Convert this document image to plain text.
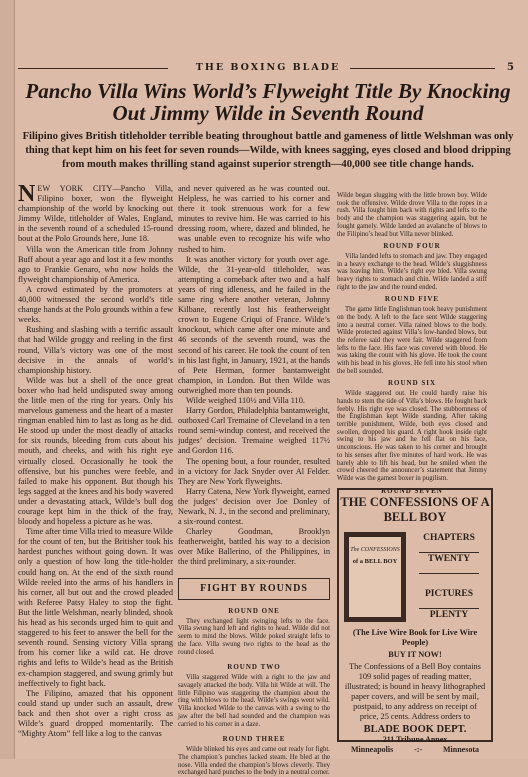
THE BOXING BLADE	5
Pancho Villa Wins World’s Flyweight Title By Knocking Out Jimmy Wilde in Seventh Round

Filipino gives British titleholder terrible beating throughout battle and gameness of little Welshman was only thing that kept him on his feet for seven rounds—Wilde, with knees sagging, eyes closed and blood dripping from mouth makes thrilling stand against superior strength—40,000 see title change hands.

NEW YORK CITY—Pancho Villa, Filipino boxer, won the flyweight championship of the world by knocking out Jimmy Wilde, titleholder of Wales, England, in the seventh round of a scheduled 15-round bout at the Polo Grounds here, June 18.

Villa won the American title from Johnny Buff about a year ago and lost it a few months ago to Frankie Genaro, who now holds the flyweight championship of America.

A crowd estimated by the promoters at 40,000 witnessed the second world’s title change hands at the Polo grounds within a few weeks.

Rushing and slashing with a terrific assault that had Wilde groggy and reeling in the first round, Villa’s victory was one of the most decisive in the annals of world’s championship history.

Wilde was but a shell of the once great boxer who had held undisputed sway among the little men of the ring for years. Only his marvelous gameness and the heart of a master ringman enabled him to last as long as he did. He stood up under the most deadly of attacks for six rounds, bleeding from cuts about his mouth, and cheeks, and with his right eye virtually closed. Occasionally he took the offensive, but his punches were feeble, and failed to make his opponent. But though his legs sagged at the knees and his body wavered under a devastating attack, Wilde’s bull dog courage kept him in the thick of the fray, bloody and hopeless a picture as he was.

Time after time Villa tried to measure Wilde for the count of ten, but the Britisher took his hardest punches without going down. It was only a question of how long the title-holder could hang on. At the end of the sixth round Wilde reeled into the arms of his handlers in his corner, all but out and the crowd pleaded with Referee Patsy Haley to stop the fight. But the little Welshman, nearly blinded, shook his head as his seconds urged him to quit and staggered to his feet to answer the bell for the seventh round. Sensing victory Villa sprang from his corner like a wild cat. He drove rights and lefts to Wilde’s head as the British ex-champion staggered, and swung grimly but ineffectively to fight back.

The Filipino, amazed that his opponent could stand up under such an assault, drew back and then shot over a right cross as Wilde’s guard dropped momentarily. The “Mighty Atom” fell like a log to the canvas

and never quivered as he was counted out. Helpless, he was carried to his corner and there it took strenuous work for a few minutes to revive him. He was carried to his dressing room, where, dazed and blinded, he was unable even to recognize his wife who rushed to him.

It was another victory for youth over age. Wilde, the 31-year-old titleholder, was attempting a comeback after two and a half years of ring idleness, and he failed in the same ring where another veteran, Johnny Kilbane, recently lost his featherweight crown to Eugene Criqui of France. Wilde’s knockout, which came after one minute and 46 seconds of the seventh round, was the second of his career. He took the count of ten in his last fight, in January, 1921, at the hands of Pete Herman, former bantamweight champion, in London. But then Wilde was outweighed more than ten pounds.

Wilde weighed 110½ and Villa 110.

Harry Gordon, Philadelphia bantamweight, outboxed Carl Tremaine of Cleveland in a ten round semi-windup contest, and received the judges’ decision. Tremaine weighed 117½ and Gordon 116.

The opening bout, a four rounder, resulted in a victory for Jack Snyder over Al Felder. They are New York flyweights.

Harry Catena, New York flyweight, earned the judges’ decision over Joe Donley of Newark, N. J., in the second and preliminary, a six-round contest.

Charley Goodman, Brooklyn featherweight, battled his way to a decision over Mike Ballerino, of the Philippines, in the third preliminary, a six-rounder.

FIGHT BY ROUNDS
ROUND ONE

They exchanged light swinging lefts to the face. Villa swung hard left and rights to head. Wilde did not seem to mind the blows. Wilde poked straight lefts to the face. Villa swung two rights to the head as the round closed.

ROUND TWO

Villa staggered Wilde with a right to the jaw and savagely attacked the body. Villa hit Wilde at will. The little Filipino was staggering the champion about the ring with blows to the head. Wilde’s swings went wild. Villa knocked Wilde to the canvas with a swing to the jaw after the bell had sounded and the champion was carried to his corner in a daze.

ROUND THREE

Wilde blinked his eyes and came out ready for fight. The champion’s punches lacked steam. He bled at the nose. Villa ended the champion’s blows cleverly. They exchanged hard punches to the body in a neutral corner.

Wilde began slugging with the little brown boy. Wilde took the offensive. Wilde drove Villa to the ropes in a rush. Villa fought him back with rights and lefts to the body and the champion was staggering again, but he fought gamely. Wilde landed an avalanche of blows to the Filipino’s head but Villa never blinked.

ROUND FOUR

Villa landed lefts to stomach and jaw. They engaged in a heavy exchange to the head. Wilde’s sluggishness was leaving him. Wilde’s right eye bled. Villa swung heavy rights to stomach and chin. Wilde landed a stiff right to the jaw and the round ended.

ROUND FIVE

The game little Englishman took heavy punishment on the body. A left to the face sent Wilde staggering into a neutral corner. Villa rained blows to the body. Wilde protected against Villa’s low-handed blows, but the referee said they were fair. Wilde staggered from lefts to the face. His face was covered with blood. He was taking the count with his glove. He took the count with his head in his gloves. He fell into his stool when the bell sounded.

ROUND SIX

Wilde staggered out. He could hardly raise his hands to stem the tide of Villa’s blows. He fought back feebly. His right eye was closed. The stubbornness of the Englishman kept Wilde standing. After taking terrible punishment, Wilde, both eyes closed and swollen, dropped his guard. A right hook inside right swing to his jaw and he fell flat on his face, unconscious. He was taken to his corner and brought to his senses after five minutes of hard work. He was barely able to lift his head, but he smiled when the crowd cheered the announcer’s statement that Jimmy Wilde was the gamest boxer in pugilism.

ROUND SEVEN
THE CONFESSIONS OF A BELL BOY
The CONFESSIONS
of a BELL BOY
CHAPTERS
TWENTY
PICTURES
PLENTY
(The Live Wire Book for Live Wire People)
BUY IT NOW!
The Confessions of a Bell Boy contains 109 solid pages of reading matter, illustrated; is bound in heavy lithographed paper covers, and will be sent by mail, postpaid, to any address on receipt of price, 25 cents. Address orders to
BLADE BOOK DEPT.
211 Tribune Annex
Minneapolis	-:-	Minnesota
